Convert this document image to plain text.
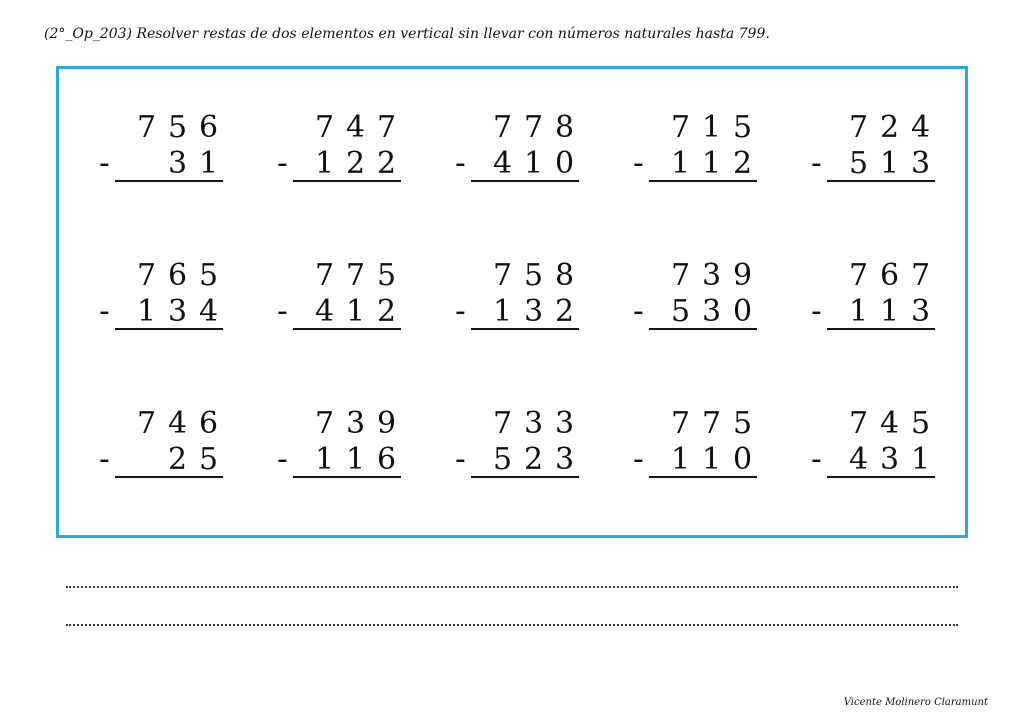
(2°_Op_203) Resolver restas de dos elementos en vertical sin llevar con números naturales hasta 799.
7 5 6
-	3 1
7 4 7
- 1 2 2
7 7 8
- 4 1 0
7 1 5
- 1 1 2
7 2 4
- 5 1 3
7 6 5
- 1 3 4
7 7 5
- 4 1 2
7 5 8
- 1 3 2
7 3 9
- 5 3 0
7 6 7
- 1 1 3
7 4 6
-	2 5
7 3 9
- 1 1 6
7 3 3
- 5 2 3
7 7 5
- 1 1 0
7 4 5
- 4 3 1
Vicente Molinero Claramunt
